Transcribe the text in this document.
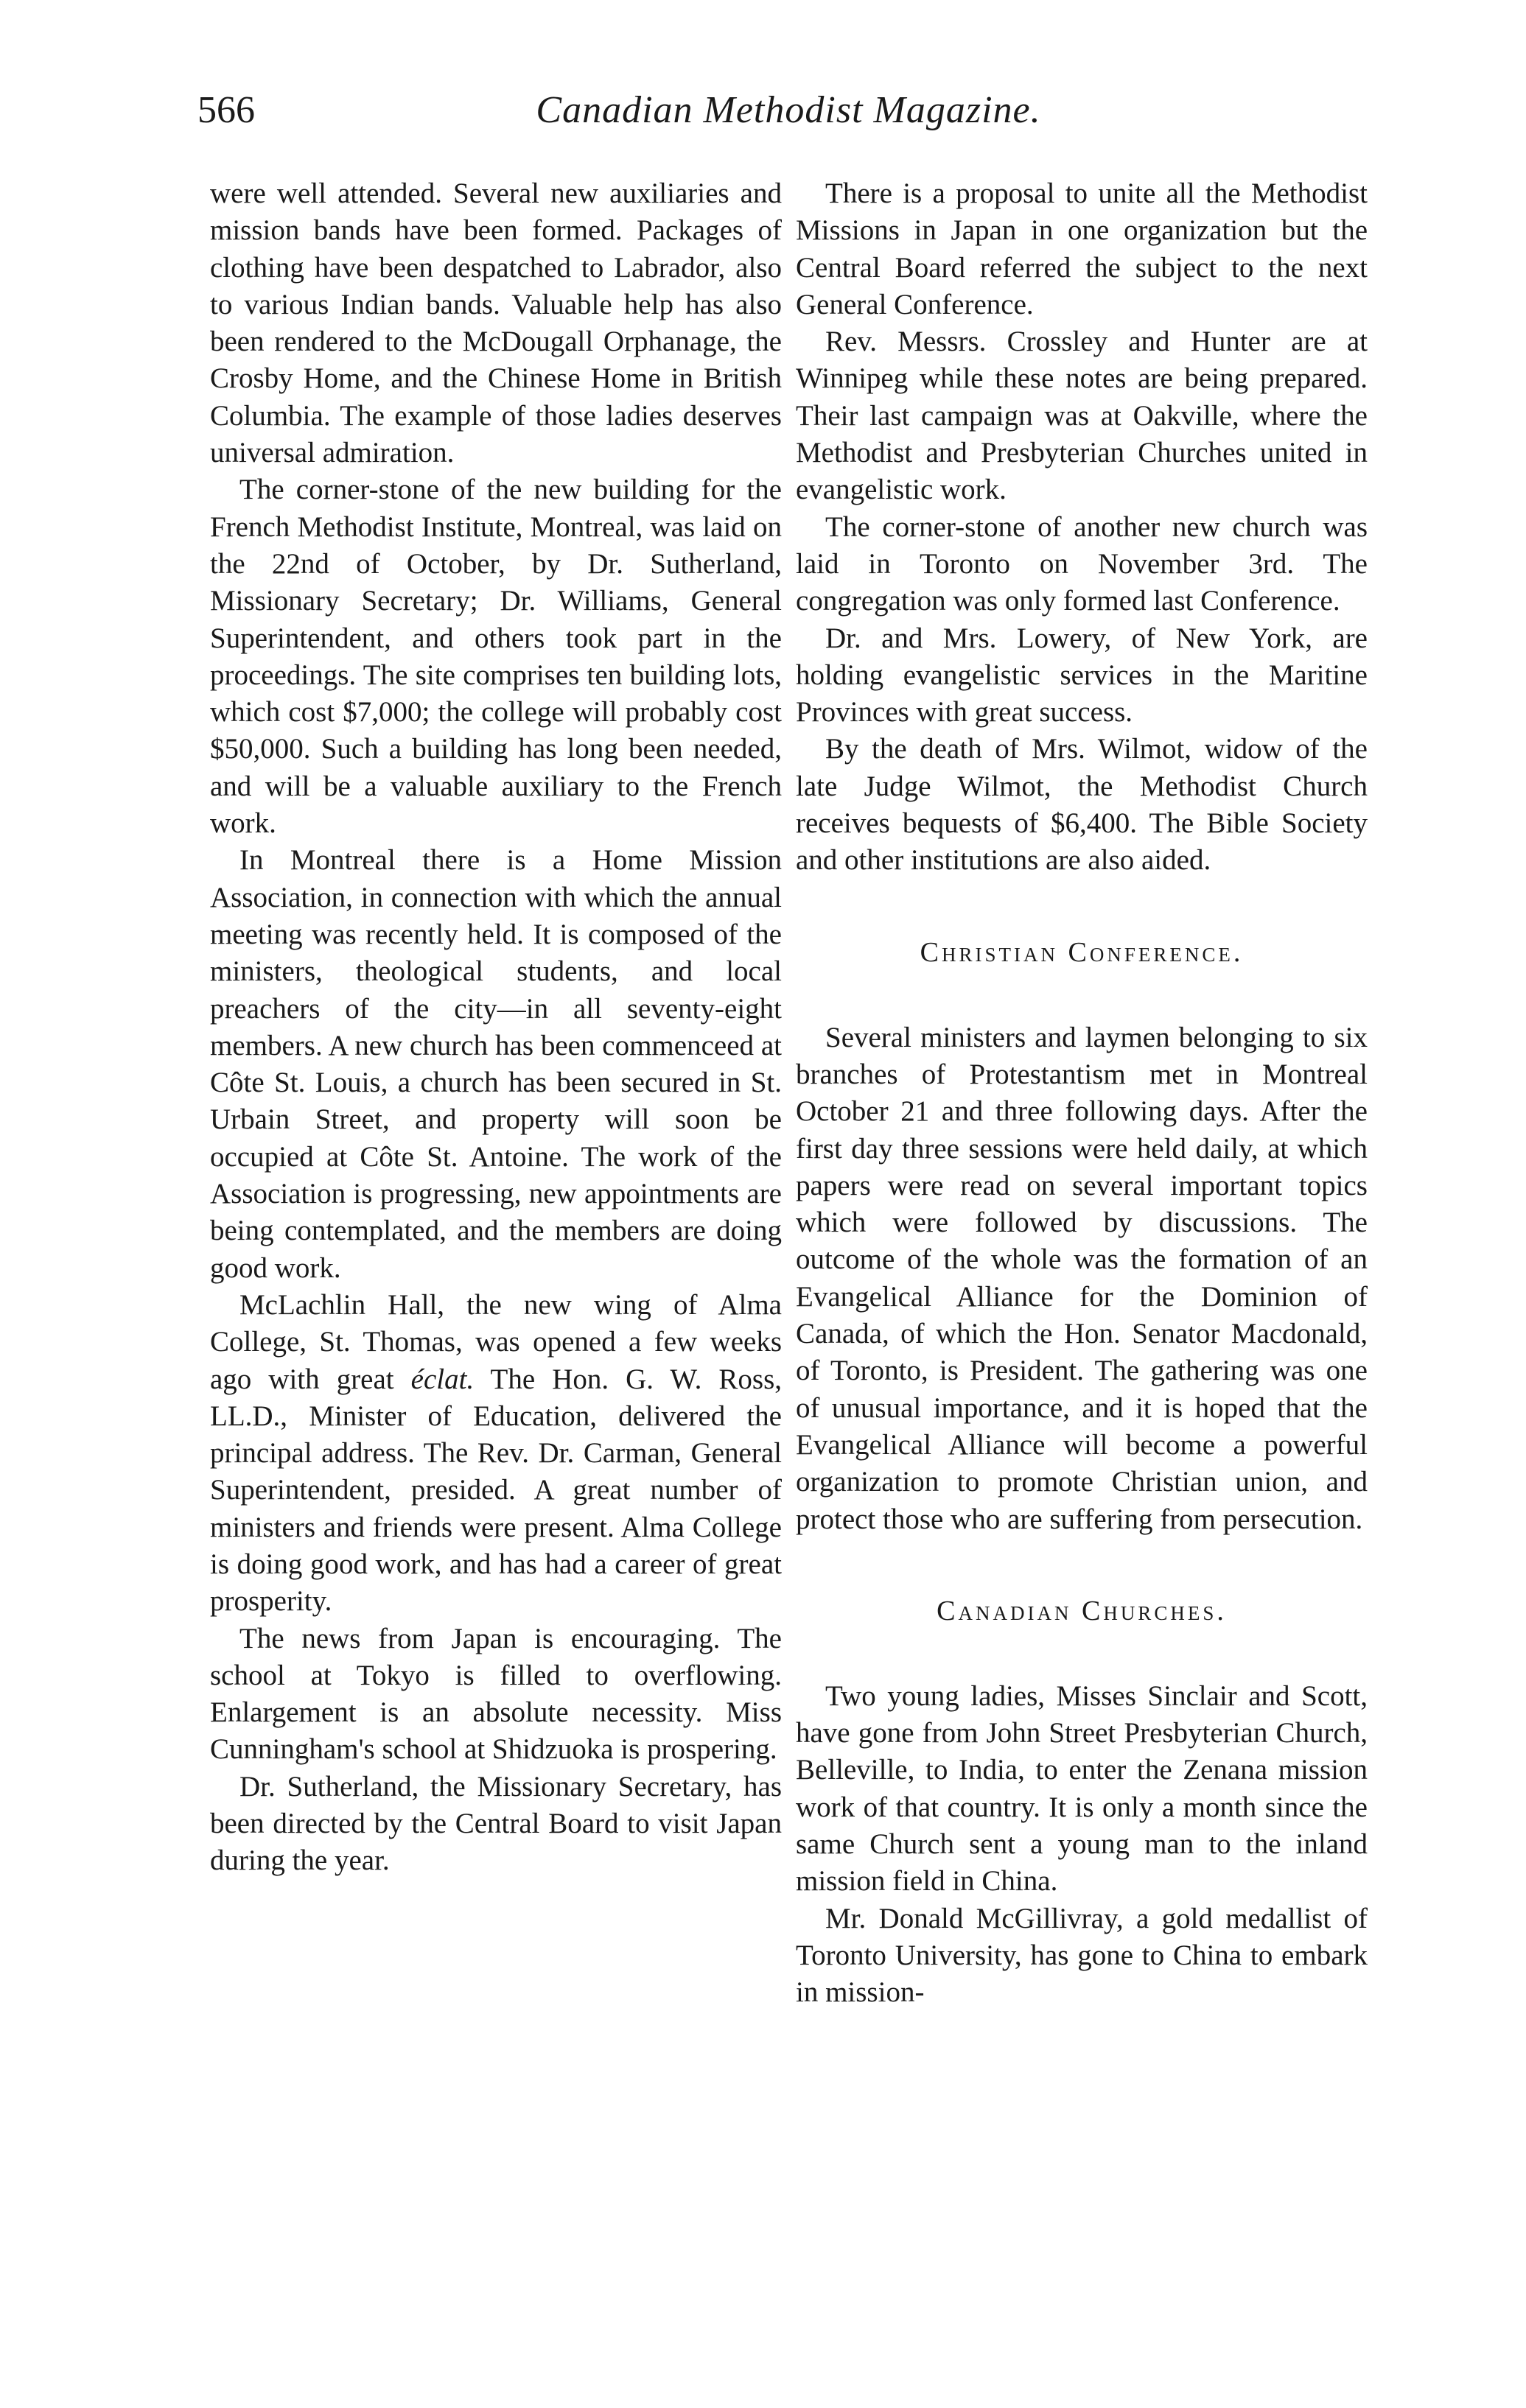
566	Canadian Methodist Magazine.

were well attended. Several new auxiliaries and mission bands have been formed. Packages of clothing have been despatched to Labrador, also to various Indian bands. Valuable help has also been rendered to the McDougall Orphanage, the Crosby Home, and the Chinese Home in British Columbia. The example of those ladies deserves universal admiration.

The corner-stone of the new building for the French Methodist Institute, Montreal, was laid on the 22nd of October, by Dr. Sutherland, Missionary Secretary; Dr. Williams, General Superintendent, and others took part in the proceedings. The site comprises ten building lots, which cost $7,000; the college will probably cost $50,000. Such a building has long been needed, and will be a valuable auxiliary to the French work.

In Montreal there is a Home Mission Association, in connection with which the annual meeting was recently held. It is composed of the ministers, theological students, and local preachers of the city—in all seventy-eight members. A new church has been commenceed at Côte St. Louis, a church has been secured in St. Urbain Street, and property will soon be occupied at Côte St. Antoine. The work of the Association is progressing, new appointments are being contemplated, and the members are doing good work.

McLachlin Hall, the new wing of Alma College, St. Thomas, was opened a few weeks ago with great éclat. The Hon. G. W. Ross, LL.D., Minister of Education, delivered the principal address. The Rev. Dr. Carman, General Superintendent, presided. A great number of ministers and friends were present. Alma College is doing good work, and has had a career of great prosperity.

The news from Japan is encouraging. The school at Tokyo is filled to overflowing. Enlargement is an absolute necessity. Miss Cunningham's school at Shidzuoka is prospering.

Dr. Sutherland, the Missionary Secretary, has been directed by the Central Board to visit Japan during the year.

There is a proposal to unite all the Methodist Missions in Japan in one organization but the Central Board referred the subject to the next General Conference.

Rev. Messrs. Crossley and Hunter are at Winnipeg while these notes are being prepared. Their last campaign was at Oakville, where the Methodist and Presbyterian Churches united in evangelistic work.

The corner-stone of another new church was laid in Toronto on November 3rd. The congregation was only formed last Conference.

Dr. and Mrs. Lowery, of New York, are holding evangelistic services in the Maritine Provinces with great success.

By the death of Mrs. Wilmot, widow of the late Judge Wilmot, the Methodist Church receives bequests of $6,400. The Bible Society and other institutions are also aided.

Christian Conference.

Several ministers and laymen belonging to six branches of Protestantism met in Montreal October 21 and three following days. After the first day three sessions were held daily, at which papers were read on several important topics which were followed by discussions. The outcome of the whole was the formation of an Evangelical Alliance for the Dominion of Canada, of which the Hon. Senator Macdonald, of Toronto, is President. The gathering was one of unusual importance, and it is hoped that the Evangelical Alliance will become a powerful organization to promote Christian union, and protect those who are suffering from persecution.

Canadian Churches.

Two young ladies, Misses Sinclair and Scott, have gone from John Street Presbyterian Church, Belleville, to India, to enter the Zenana mission work of that country. It is only a month since the same Church sent a young man to the inland mission field in China.

Mr. Donald McGillivray, a gold medallist of Toronto University, has gone to China to embark in mission-
